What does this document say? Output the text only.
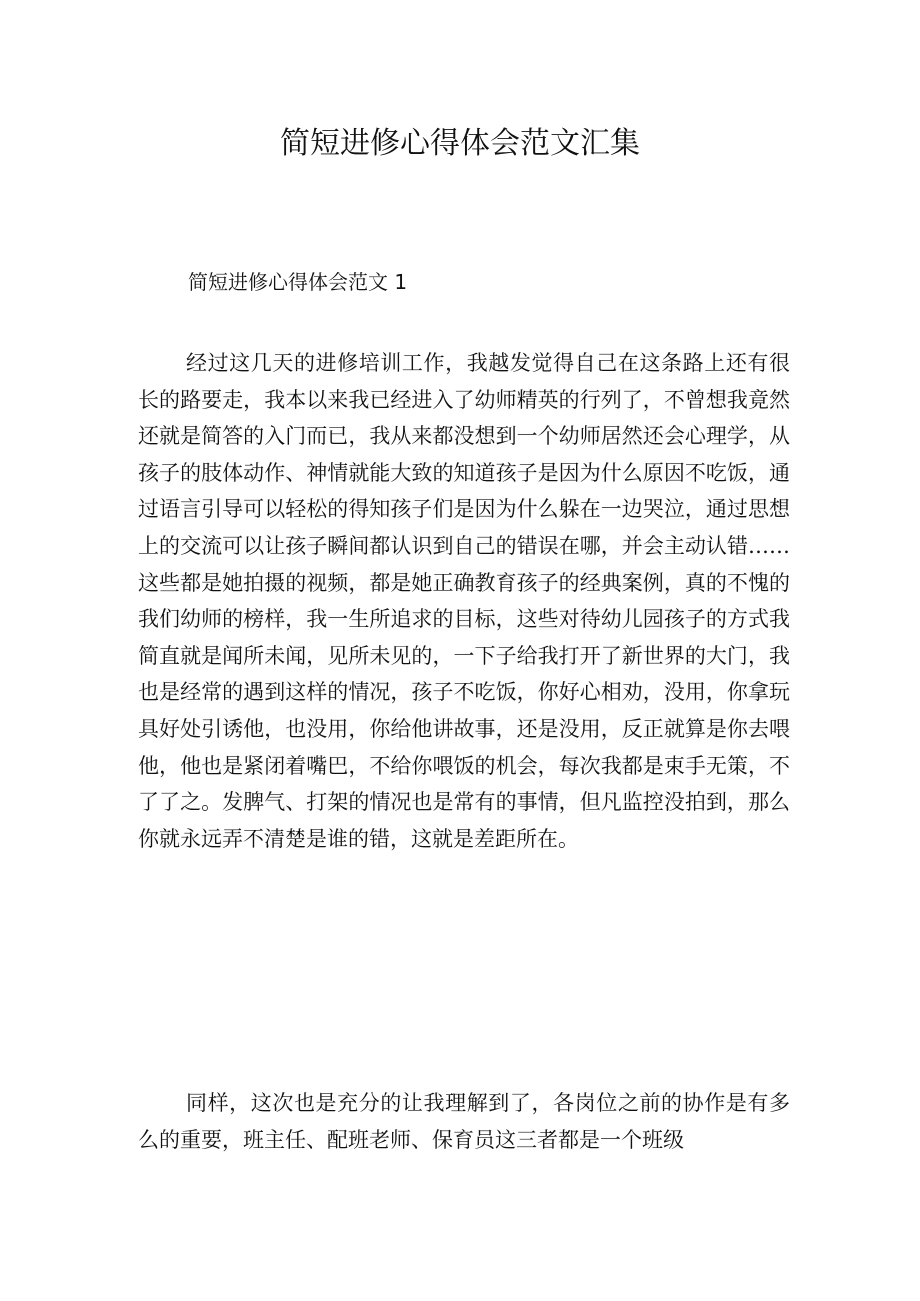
简短进修心得体会范文汇集
简短进修心得体会范文 1

经过这几天的进修培训工作，我越发觉得自己在这条路上还有很长的路要走，我本以来我已经进入了幼师精英的行列了，不曾想我竟然还就是简答的入门而已，我从来都没想到一个幼师居然还会心理学，从孩子的肢体动作、神情就能大致的知道孩子是因为什么原因不吃饭，通过语言引导可以轻松的得知孩子们是因为什么躲在一边哭泣，通过思想上的交流可以让孩子瞬间都认识到自己的错误在哪，并会主动认错……这些都是她拍摄的视频，都是她正确教育孩子的经典案例，真的不愧的我们幼师的榜样，我一生所追求的目标，这些对待幼儿园孩子的方式我简直就是闻所未闻，见所未见的，一下子给我打开了新世界的大门，我也是经常的遇到这样的情况，孩子不吃饭，你好心相劝，没用，你拿玩具好处引诱他，也没用，你给他讲故事，还是没用，反正就算是你去喂他，他也是紧闭着嘴巴，不给你喂饭的机会，每次我都是束手无策，不了了之。发脾气、打架的情况也是常有的事情，但凡监控没拍到，那么你就永远弄不清楚是谁的错，这就是差距所在。

同样，这次也是充分的让我理解到了，各岗位之前的协作是有多么的重要，班主任、配班老师、保育员这三者都是一个班级
